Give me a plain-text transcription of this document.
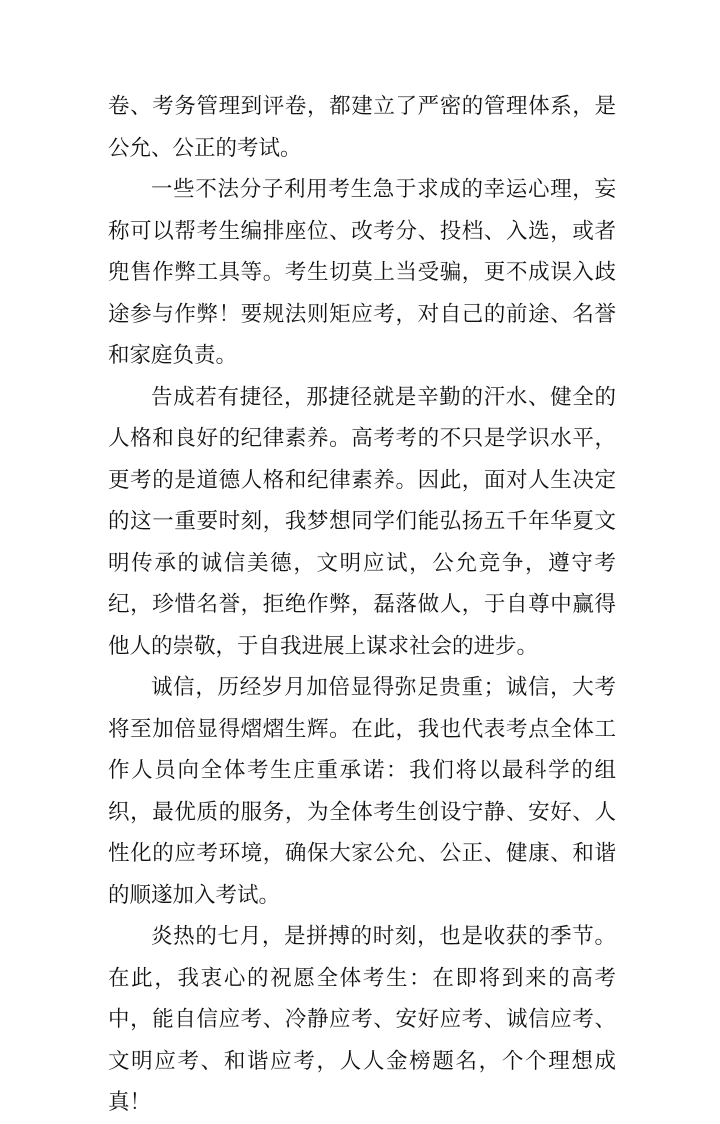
卷、考务管理到评卷，都建立了严密的管理体系，是公允、公正的考试。

一些不法分子利用考生急于求成的幸运心理，妄称可以帮考生编排座位、改考分、投档、入选，或者兜售作弊工具等。考生切莫上当受骗，更不成误入歧途参与作弊！要规法则矩应考，对自己的前途、名誉和家庭负责。

告成若有捷径，那捷径就是辛勤的汗水、健全的人格和良好的纪律素养。高考考的不只是学识水平，更考的是道德人格和纪律素养。因此，面对人生决定的这一重要时刻，我梦想同学们能弘扬五千年华夏文明传承的诚信美德，文明应试，公允竞争，遵守考纪，珍惜名誉，拒绝作弊，磊落做人，于自尊中赢得他人的崇敬，于自我进展上谋求社会的进步。

诚信，历经岁月加倍显得弥足贵重；诚信，大考将至加倍显得熠熠生辉。在此，我也代表考点全体工作人员向全体考生庄重承诺：我们将以最科学的组织，最优质的服务，为全体考生创设宁静、安好、人性化的应考环境，确保大家公允、公正、健康、和谐的顺遂加入考试。

炎热的七月，是拼搏的时刻，也是收获的季节。在此，我衷心的祝愿全体考生：在即将到来的高考中，能自信应考、冷静应考、安好应考、诚信应考、文明应考、和谐应考，人人金榜题名，个个理想成真！
